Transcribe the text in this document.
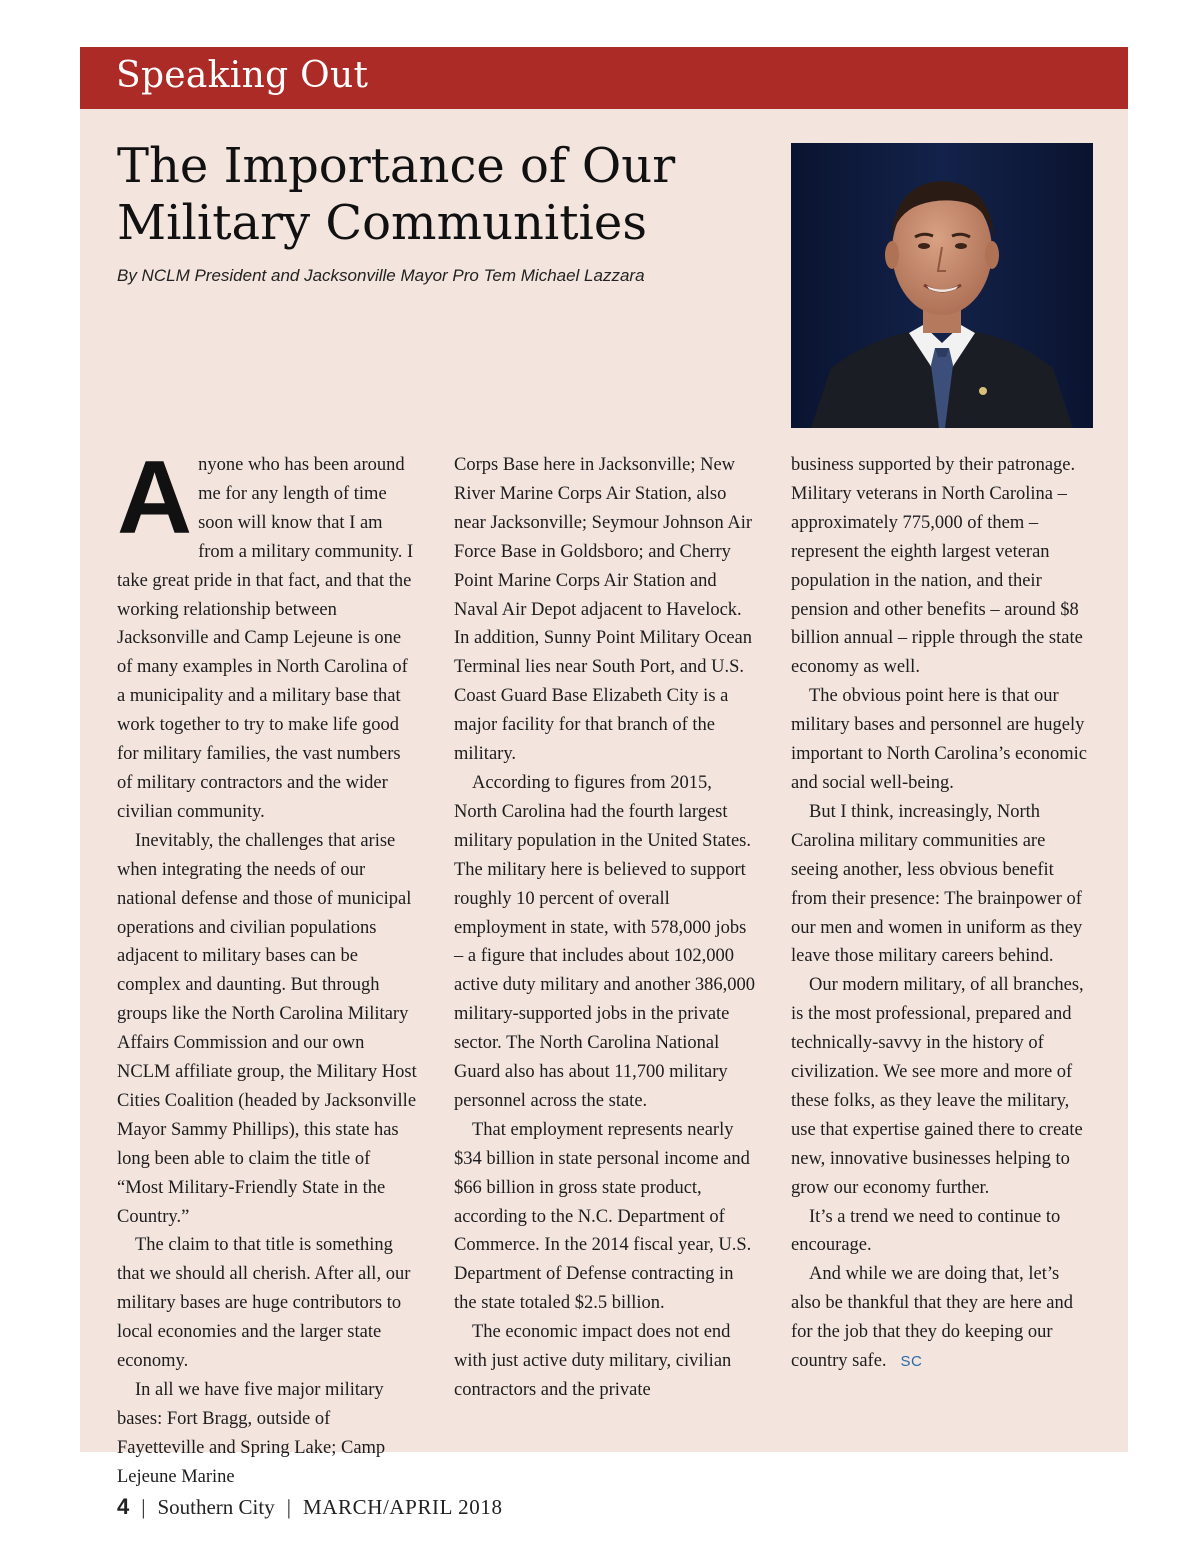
Speaking Out
The Importance of Our
Military Communities

By NCLM President and Jacksonville Mayor Pro Tem Michael Lazzara

Anyone who has been around me for any length of time soon will know that I am from a military community. I take great pride in that fact, and that the working relationship between Jacksonville and Camp Lejeune is one of many examples in North Carolina of a municipality and a military base that work together to try to make life good for military families, the vast numbers of military contractors and the wider civilian community.

Inevitably, the challenges that arise when integrating the needs of our national defense and those of municipal operations and civilian populations adjacent to military bases can be complex and daunting. But through groups like the North Carolina Military Affairs Commission and our own NCLM affiliate group, the Military Host Cities Coalition (headed by Jacksonville Mayor Sammy Phillips), this state has long been able to claim the title of “Most Military-Friendly State in the Country.”

The claim to that title is something that we should all cherish. After all, our military bases are huge contributors to local economies and the larger state economy.

In all we have five major military bases: Fort Bragg, outside of Fayetteville and Spring Lake; Camp Lejeune Marine

Corps Base here in Jacksonville; New River Marine Corps Air Station, also near Jacksonville; Seymour Johnson Air Force Base in Goldsboro; and Cherry Point Marine Corps Air Station and Naval Air Depot adjacent to Havelock. In addition, Sunny Point Military Ocean Terminal lies near South Port, and U.S. Coast Guard Base Elizabeth City is a major facility for that branch of the military.

According to figures from 2015, North Carolina had the fourth largest military population in the United States. The military here is believed to support roughly 10 percent of overall employment in state, with 578,000 jobs – a figure that includes about 102,000 active duty military and another 386,000 military-supported jobs in the private sector. The North Carolina National Guard also has about 11,700 military personnel across the state.

That employment represents nearly $34 billion in state personal income and $66 billion in gross state product, according to the N.C. Department of Commerce. In the 2014 fiscal year, U.S. Department of Defense contracting in the state totaled $2.5 billion.

The economic impact does not end with just active duty military, civilian contractors and the private

business supported by their patronage. Military veterans in North Carolina – approximately 775,000 of them – represent the eighth largest veteran population in the nation, and their pension and other benefits – around $8 billion annual – ripple through the state economy as well.

The obvious point here is that our military bases and personnel are hugely important to North Carolina’s economic and social well-being.

But I think, increasingly, North Carolina military communities are seeing another, less obvious benefit from their presence: The brainpower of our men and women in uniform as they leave those military careers behind.

Our modern military, of all branches, is the most professional, prepared and technically-savvy in the history of civilization. We see more and more of these folks, as they leave the military, use that expertise gained there to create new, innovative businesses helping to grow our economy further.

It’s a trend we need to continue to encourage.

And while we are doing that, let’s also be thankful that they are here and for the job that they do keeping our country safe. SC

4 | Southern City | MARCH/APRIL 2018
